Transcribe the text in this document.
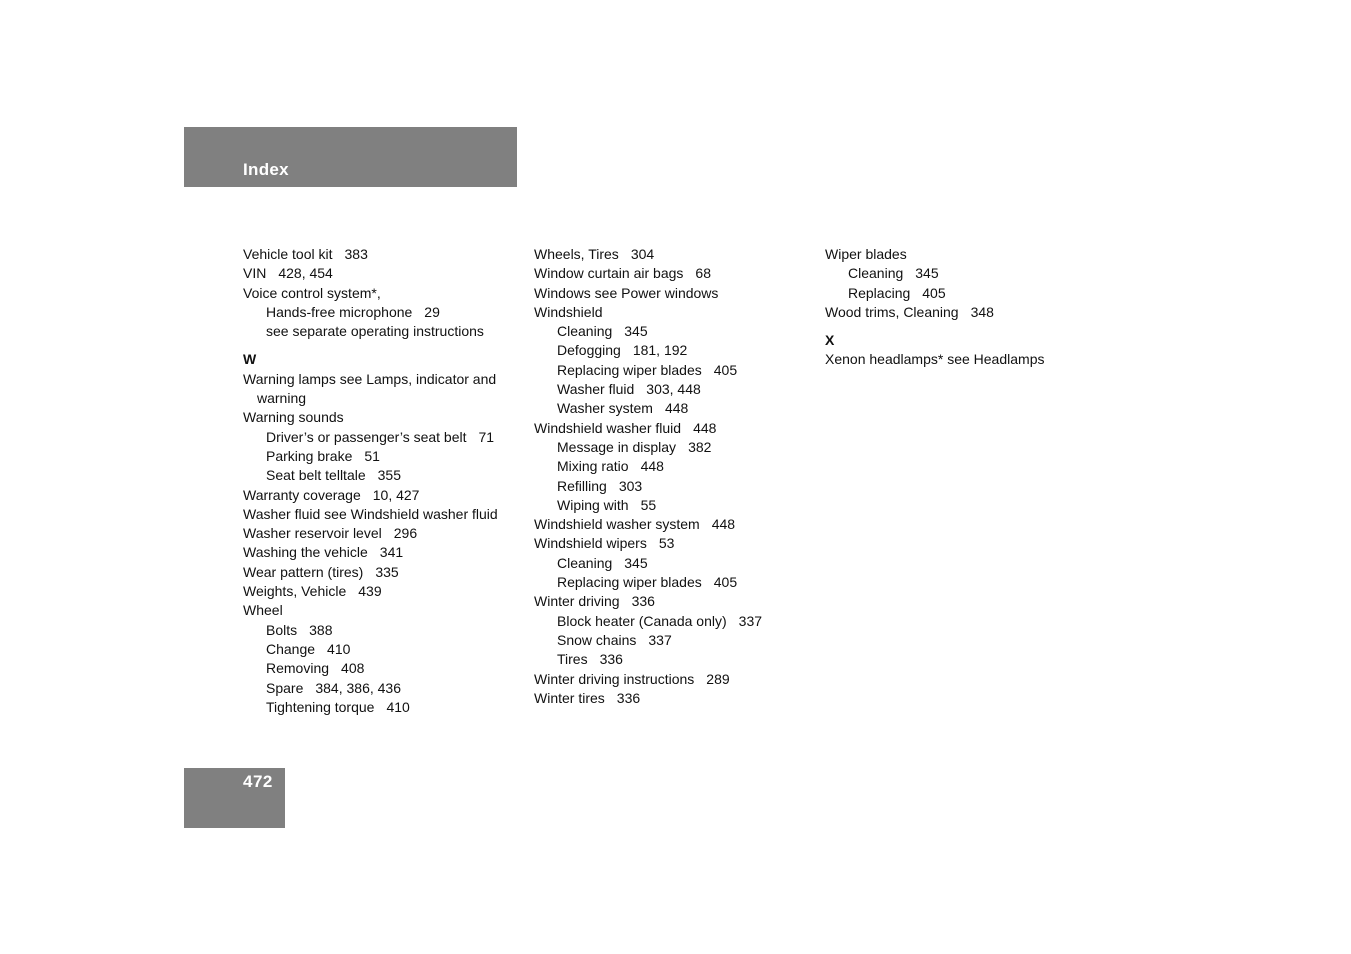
Index
Vehicle tool kit 383
VIN 428, 454
Voice control system*,
Hands-free microphone 29
see separate operating instructions
W
Warning lamps see Lamps, indicator and warning
Warning sounds
Driver’s or passenger’s seat belt 71
Parking brake 51
Seat belt telltale 355
Warranty coverage 10, 427
Washer fluid see Windshield washer fluid
Washer reservoir level 296
Washing the vehicle 341
Wear pattern (tires) 335
Weights, Vehicle 439
Wheel
Bolts 388
Change 410
Removing 408
Spare 384, 386, 436
Tightening torque 410
Wheels, Tires 304
Window curtain air bags 68
Windows see Power windows
Windshield
Cleaning 345
Defogging 181, 192
Replacing wiper blades 405
Washer fluid 303, 448
Washer system 448
Windshield washer fluid 448
Message in display 382
Mixing ratio 448
Refilling 303
Wiping with 55
Windshield washer system 448
Windshield wipers 53
Cleaning 345
Replacing wiper blades 405
Winter driving 336
Block heater (Canada only) 337
Snow chains 337
Tires 336
Winter driving instructions 289
Winter tires 336
Wiper blades
Cleaning 345
Replacing 405
Wood trims, Cleaning 348
X
Xenon headlamps* see Headlamps
472
